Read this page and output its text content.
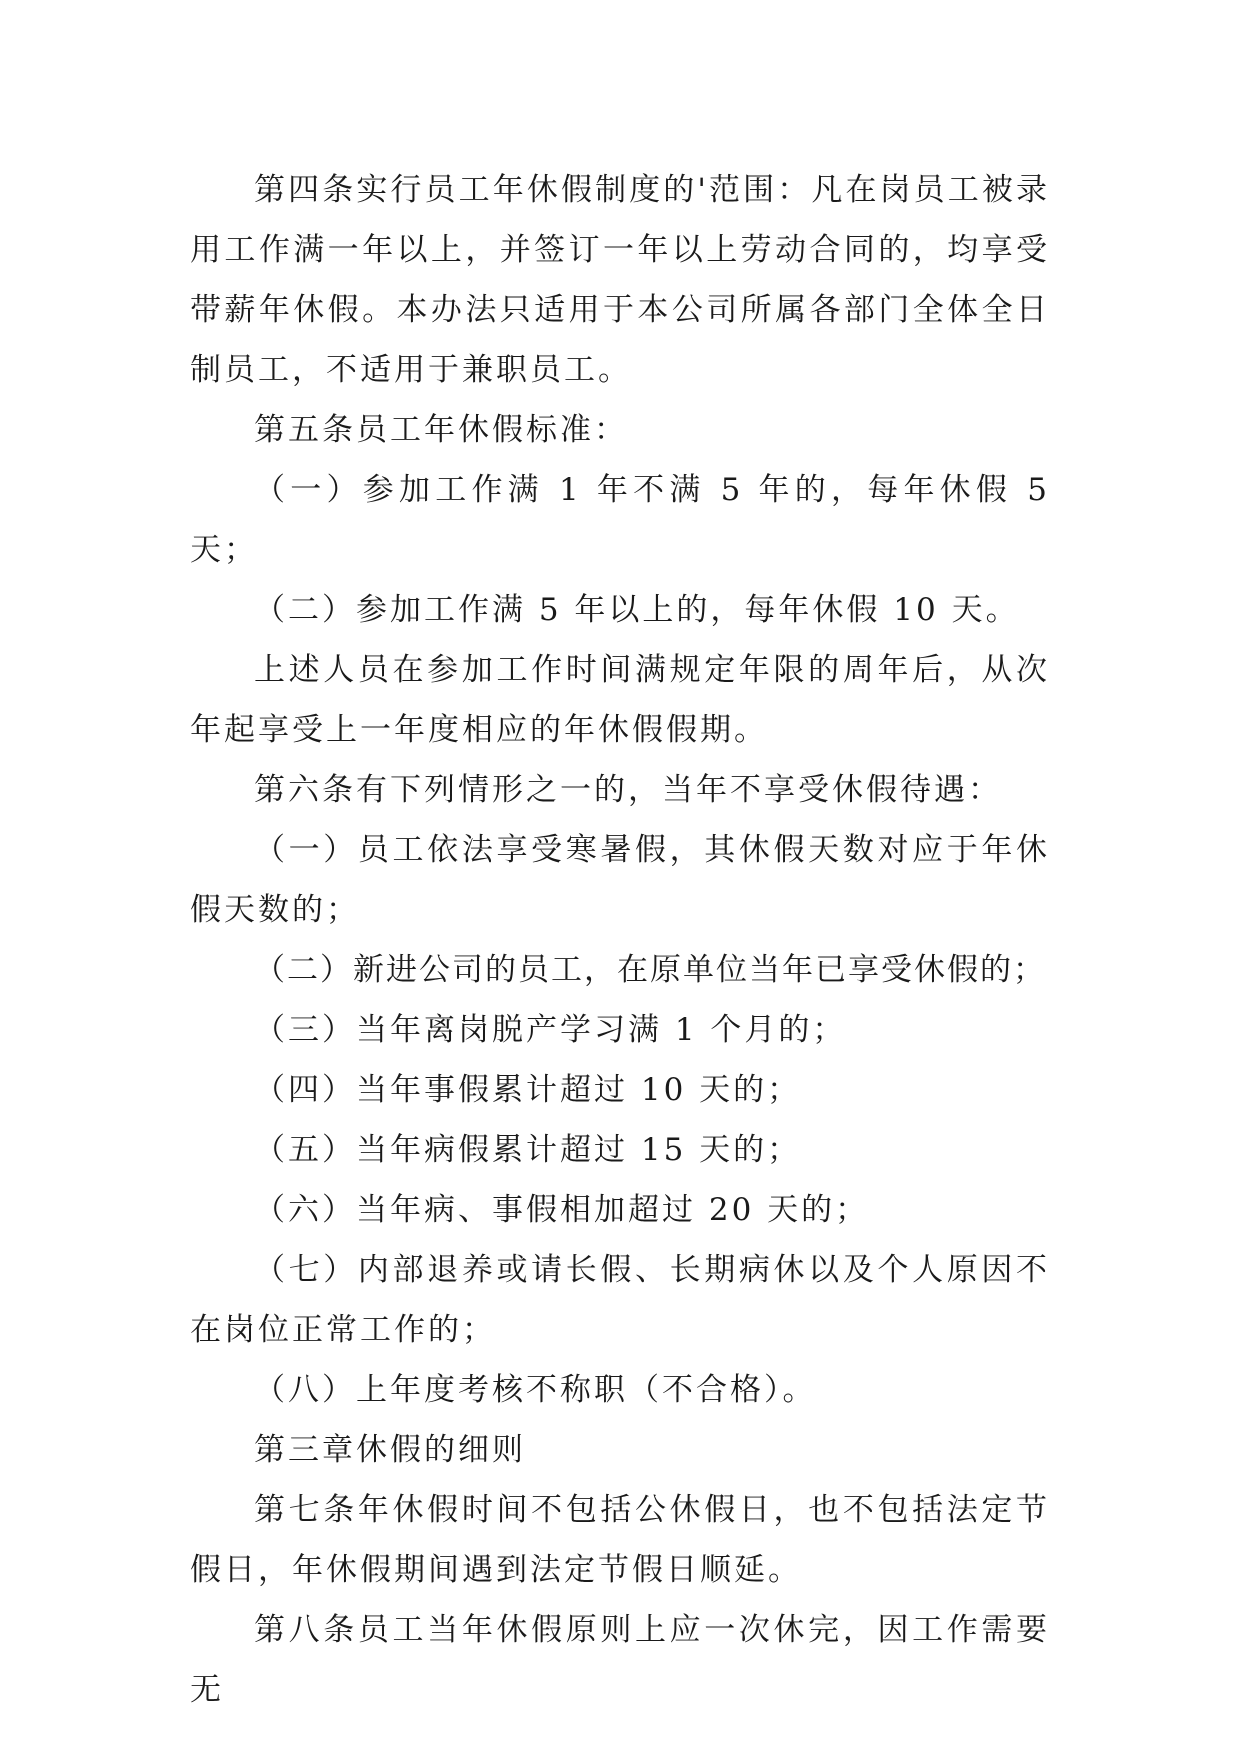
第四条实行员工年休假制度的'范围：凡在岗员工被录用工作满一年以上，并签订一年以上劳动合同的，均享受带薪年休假。本办法只适用于本公司所属各部门全体全日制员工，不适用于兼职员工。

第五条员工年休假标准：

（一）参加工作满 1 年不满 5 年的，每年休假 5 天；

（二）参加工作满 5 年以上的，每年休假 10 天。

上述人员在参加工作时间满规定年限的周年后，从次年起享受上一年度相应的年休假假期。

第六条有下列情形之一的，当年不享受休假待遇：

（一）员工依法享受寒暑假，其休假天数对应于年休假天数的；

（二）新进公司的员工，在原单位当年已享受休假的；

（三）当年离岗脱产学习满 1 个月的；

（四）当年事假累计超过 10 天的；

（五）当年病假累计超过 15 天的；

（六）当年病、事假相加超过 20 天的；

（七）内部退养或请长假、长期病休以及个人原因不在岗位正常工作的；

（八）上年度考核不称职（不合格）。

第三章休假的细则

第七条年休假时间不包括公休假日，也不包括法定节假日，年休假期间遇到法定节假日顺延。

第八条员工当年休假原则上应一次休完，因工作需要无
